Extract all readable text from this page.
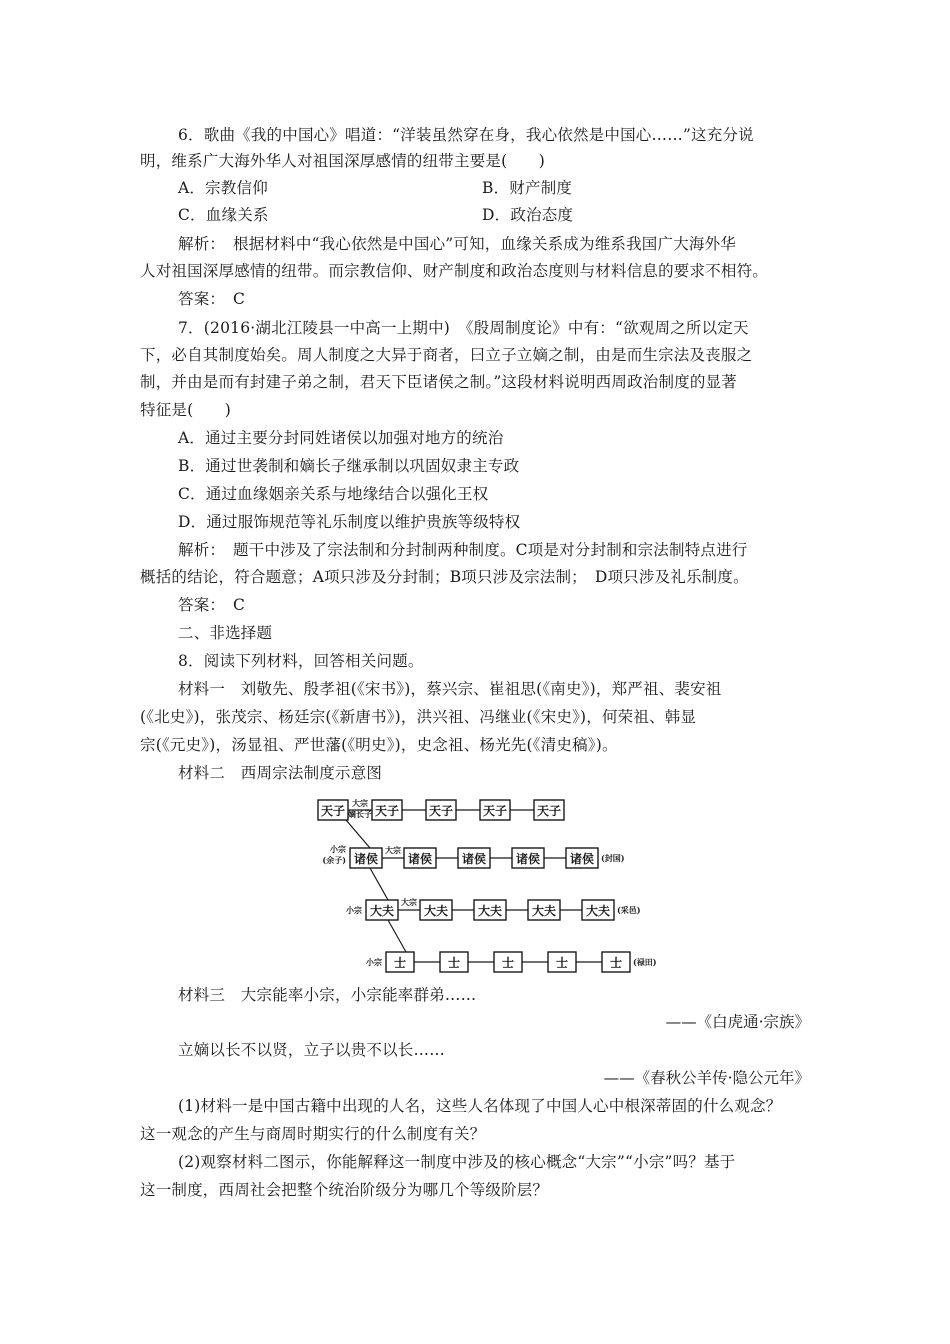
6．歌曲《我的中国心》唱道：“洋装虽然穿在身，我心依然是中国心……”这充分说
明，维系广大海外华人对祖国深厚感情的纽带主要是(　　)
A．宗教信仰	B．财产制度
C．血缘关系	D．政治态度
解析：　根据材料中“我心依然是中国心”可知，血缘关系成为维系我国广大海外华
人对祖国深厚感情的纽带。而宗教信仰、财产制度和政治态度则与材料信息的要求不相符。
答案：　C
7．(2016·湖北江陵县一中高一上期中)　《殷周制度论》中有：“欲观周之所以定天
下，必自其制度始矣。周人制度之大异于商者，曰立子立嫡之制，由是而生宗法及丧服之
制，并由是而有封建子弟之制，君天下臣诸侯之制。”这段材料说明西周政治制度的显著
特征是(　　)
A．通过主要分封同姓诸侯以加强对地方的统治
B．通过世袭制和嫡长子继承制以巩固奴隶主专政
C．通过血缘姻亲关系与地缘结合以强化王权
D．通过服饰规范等礼乐制度以维护贵族等级特权
解析：　题干中涉及了宗法制和分封制两种制度。C项是对分封制和宗法制特点进行
概括的结论，符合题意；A项只涉及分封制；B项只涉及宗法制；　D项只涉及礼乐制度。
答案：　C
二、非选择题
8．阅读下列材料，回答相关问题。
材料一　刘敬先、殷孝祖(《宋书》)，蔡兴宗、崔祖思(《南史》)，郑严祖、裴安祖
(《北史》)，张茂宗、杨廷宗(《新唐书》)，洪兴祖、冯继业(《宋史》)，何荣祖、韩显
宗(《元史》)，汤显祖、严世藩(《明史》)，史念祖、杨光先(《清史稿》)。
材料二　西周宗法制度示意图
天子 天子 天子 天子 天子
大宗
嫡长子
诸侯 诸侯 诸侯 诸侯 诸侯
大宗
小宗
(余子)	(封国)
大夫 大夫 大夫 大夫 大夫
大宗
小宗	(采邑)
士	士	士	士	士
小宗	(禄田)
材料三　大宗能率小宗，小宗能率群弟……
——《白虎通·宗族》
立嫡以长不以贤，立子以贵不以长……
——《春秋公羊传·隐公元年》
(1)材料一是中国古籍中出现的人名，这些人名体现了中国人心中根深蒂固的什么观念？
这一观念的产生与商周时期实行的什么制度有关？
(2)观察材料二图示，你能解释这一制度中涉及的核心概念“大宗”“小宗”吗？基于
这一制度，西周社会把整个统治阶级分为哪几个等级阶层？
